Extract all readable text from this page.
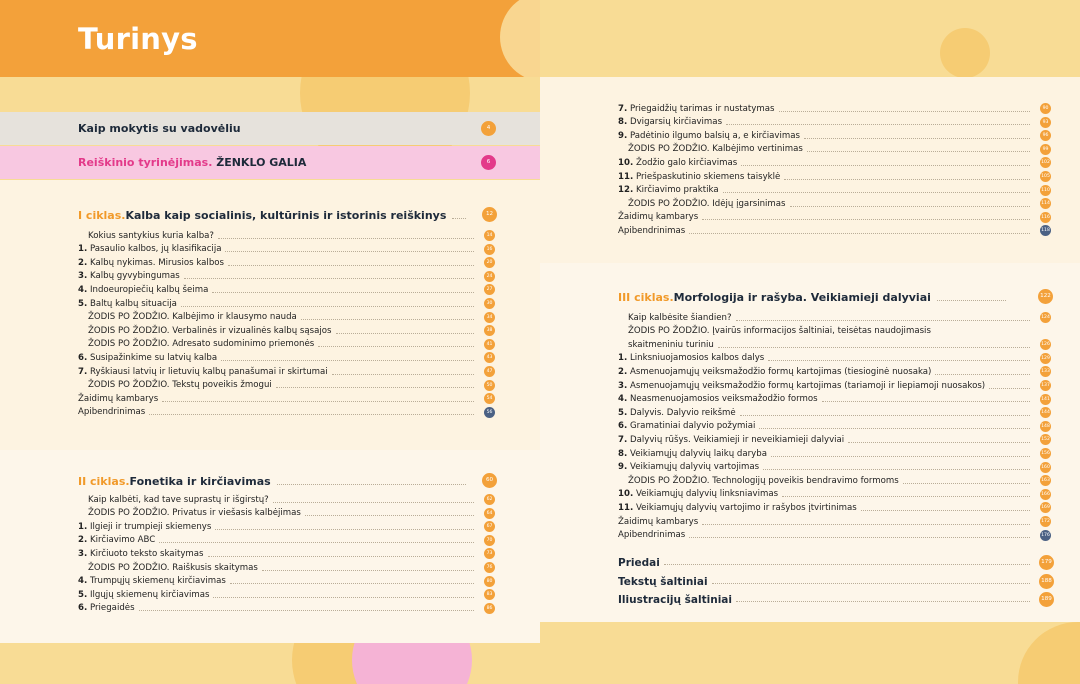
Turinys
Kaip mokytis su vadovėliu	4
Reiškinio tyrinėjimas. ŽENKLO GALIA	6
I ciklas. Kalba kaip socialinis, kultūrinis ir istorinis reiškinys	12
Kokius santykius kuria kalba?	14
1. Pasaulio kalbos, jų klasifikacija	16
2. Kalbų nykimas. Mirusios kalbos	20
3. Kalbų gyvybingumas	24
4. Indoeuropiečių kalbų šeima	27
5. Baltų kalbų situacija	30
ŽODIS PO ŽODŽIO. Kalbėjimo ir klausymo nauda	34
ŽODIS PO ŽODŽIO. Verbalinės ir vizualinės kalbų sąsajos	38
ŽODIS PO ŽODŽIO. Adresato sudominimo priemonės	41
6. Susipažinkime su latvių kalba	43
7. Ryškiausi latvių ir lietuvių kalbų panašumai ir skirtumai	47
ŽODIS PO ŽODŽIO. Tekstų poveikis žmogui	50
Žaidimų kambarys	54
Apibendrinimas	56
II ciklas. Fonetika ir kirčiavimas	60
Kaip kalbėti, kad tave suprastų ir išgirstų?	62
ŽODIS PO ŽODŽIO. Privatus ir viešasis kalbėjimas	64
1. Ilgieji ir trumpieji skiemenys	67
2. Kirčiavimo ABC	70
3. Kirčiuoto teksto skaitymas	73
ŽODIS PO ŽODŽIO. Raiškusis skaitymas	76
4. Trumpųjų skiemenų kirčiavimas	80
5. Ilgųjų skiemenų kirčiavimas	83
6. Priegaidės	86
7. Priegaidžių tarimas ir nustatymas	90
8. Dvigarsių kirčiavimas	93
9. Padėtinio ilgumo balsių a, e kirčiavimas	96
ŽODIS PO ŽODŽIO. Kalbėjimo vertinimas	99
10. Žodžio galo kirčiavimas	102
11. Priešpaskutinio skiemens taisyklė	105
12. Kirčiavimo praktika	110
ŽODIS PO ŽODŽIO. Idėjų įgarsinimas	114
Žaidimų kambarys	116
Apibendrinimas	118
III ciklas. Morfologija ir rašyba. Veikiamieji dalyviai	122
Kaip kalbėsite šiandien?	124
ŽODIS PO ŽODŽIO. Įvairūs informacijos šaltiniai, teisėtas naudojimasis
skaitmeniniu turiniu	126
1. Linksniuojamosios kalbos dalys	129
2. Asmenuojamųjų veiksmažodžio formų kartojimas (tiesioginė nuosaka)	133
3. Asmenuojamųjų veiksmažodžio formų kartojimas (tariamoji ir liepiamoji nuosakos)	137
4. Neasmenuojamosios veiksmažodžio formos	141
5. Dalyvis. Dalyvio reikšmė	144
6. Gramatiniai dalyvio požymiai	148
7. Dalyvių rūšys. Veikiamieji ir neveikiamieji dalyviai	152
8. Veikiamųjų dalyvių laikų daryba	156
9. Veikiamųjų dalyvių vartojimas	160
ŽODIS PO ŽODŽIO. Technologijų poveikis bendravimo formoms	163
10. Veikiamųjų dalyvių linksniavimas	166
11. Veikiamųjų dalyvių vartojimo ir rašybos įtvirtinimas	169
Žaidimų kambarys	172
Apibendrinimas	176
Priedai	179
Tekstų šaltiniai	188
Iliustracijų šaltiniai	189
